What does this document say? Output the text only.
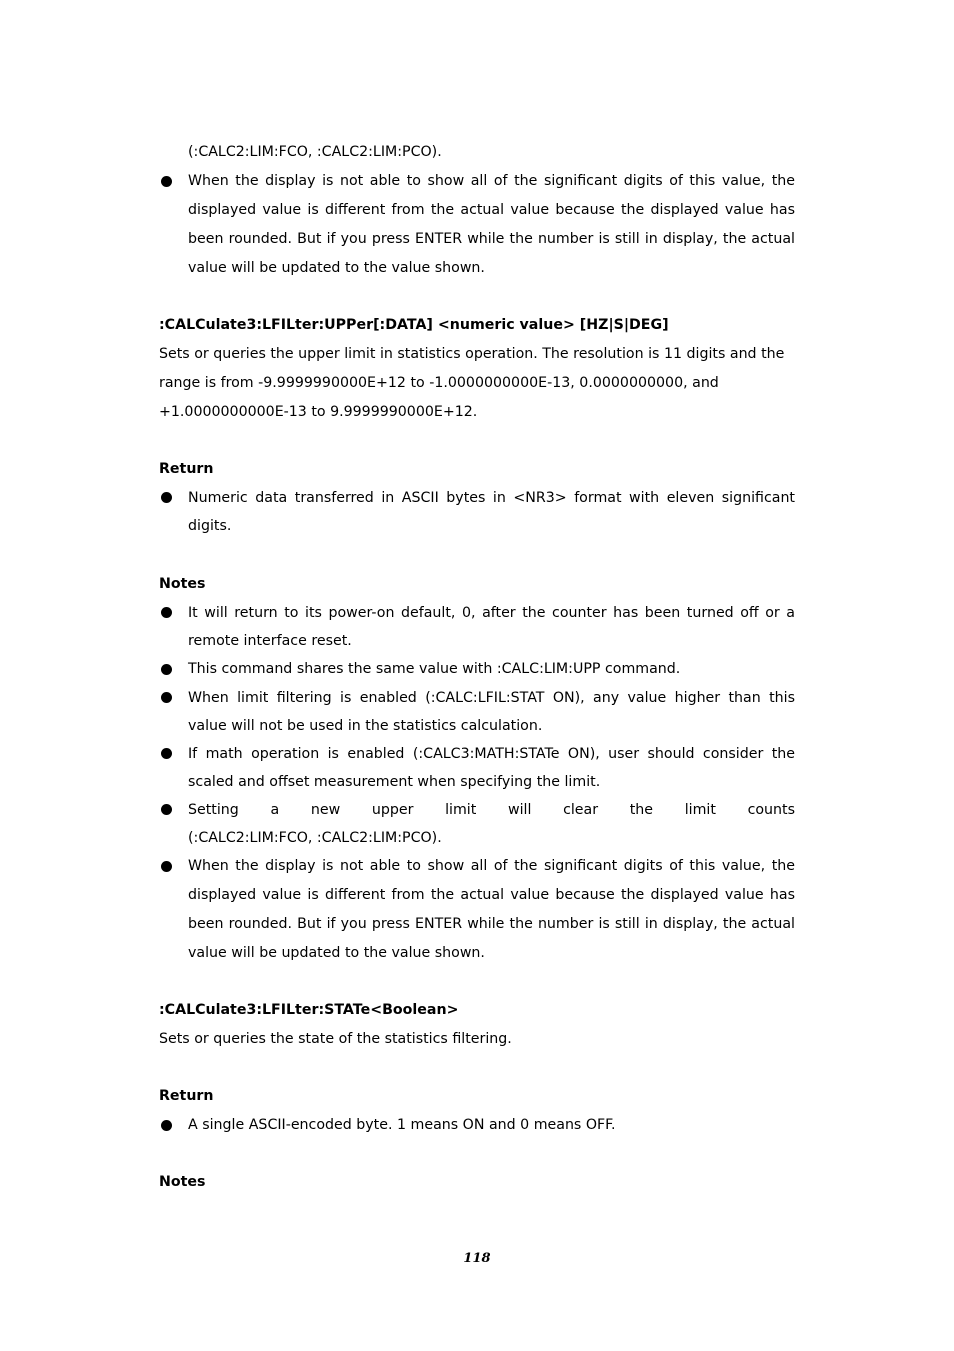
(:CALC2:LIM:FCO, :CALC2:LIM:PCO).

When the display is not able to show all of the significant digits of this value, the displayed value is different from the actual value because the displayed value has been rounded. But if you press ENTER while the number is still in display, the actual value will be updated to the value shown.

:CALCulate3:LFILter:UPPer[:DATA] <numeric value> [HZ|S|DEG]

Sets or queries the upper limit in statistics operation. The resolution is 11 digits and the

range is from -9.9999990000E+12 to -1.0000000000E-13, 0.0000000000, and

+1.0000000000E-13 to 9.9999990000E+12.

Return

Numeric data transferred in ASCII bytes in <NR3> format with eleven significant digits.

Notes

It will return to its power-on default, 0, after the counter has been turned off or a remote interface reset.
This command shares the same value with :CALC:LIM:UPP command.
When limit filtering is enabled (:CALC:LFIL:STAT ON), any value higher than this value will not be used in the statistics calculation.
If math operation is enabled (:CALC3:MATH:STATe ON), user should consider the scaled and offset measurement when specifying the limit.
Setting a new upper limit will clear the limit counts
(:CALC2:LIM:FCO, :CALC2:LIM:PCO).
When the display is not able to show all of the significant digits of this value, the displayed value is different from the actual value because the displayed value has been rounded. But if you press ENTER while the number is still in display, the actual value will be updated to the value shown.

:CALCulate3:LFILter:STATe<Boolean>

Sets or queries the state of the statistics filtering.

Return

A single ASCII-encoded byte. 1 means ON and 0 means OFF.

Notes

118
